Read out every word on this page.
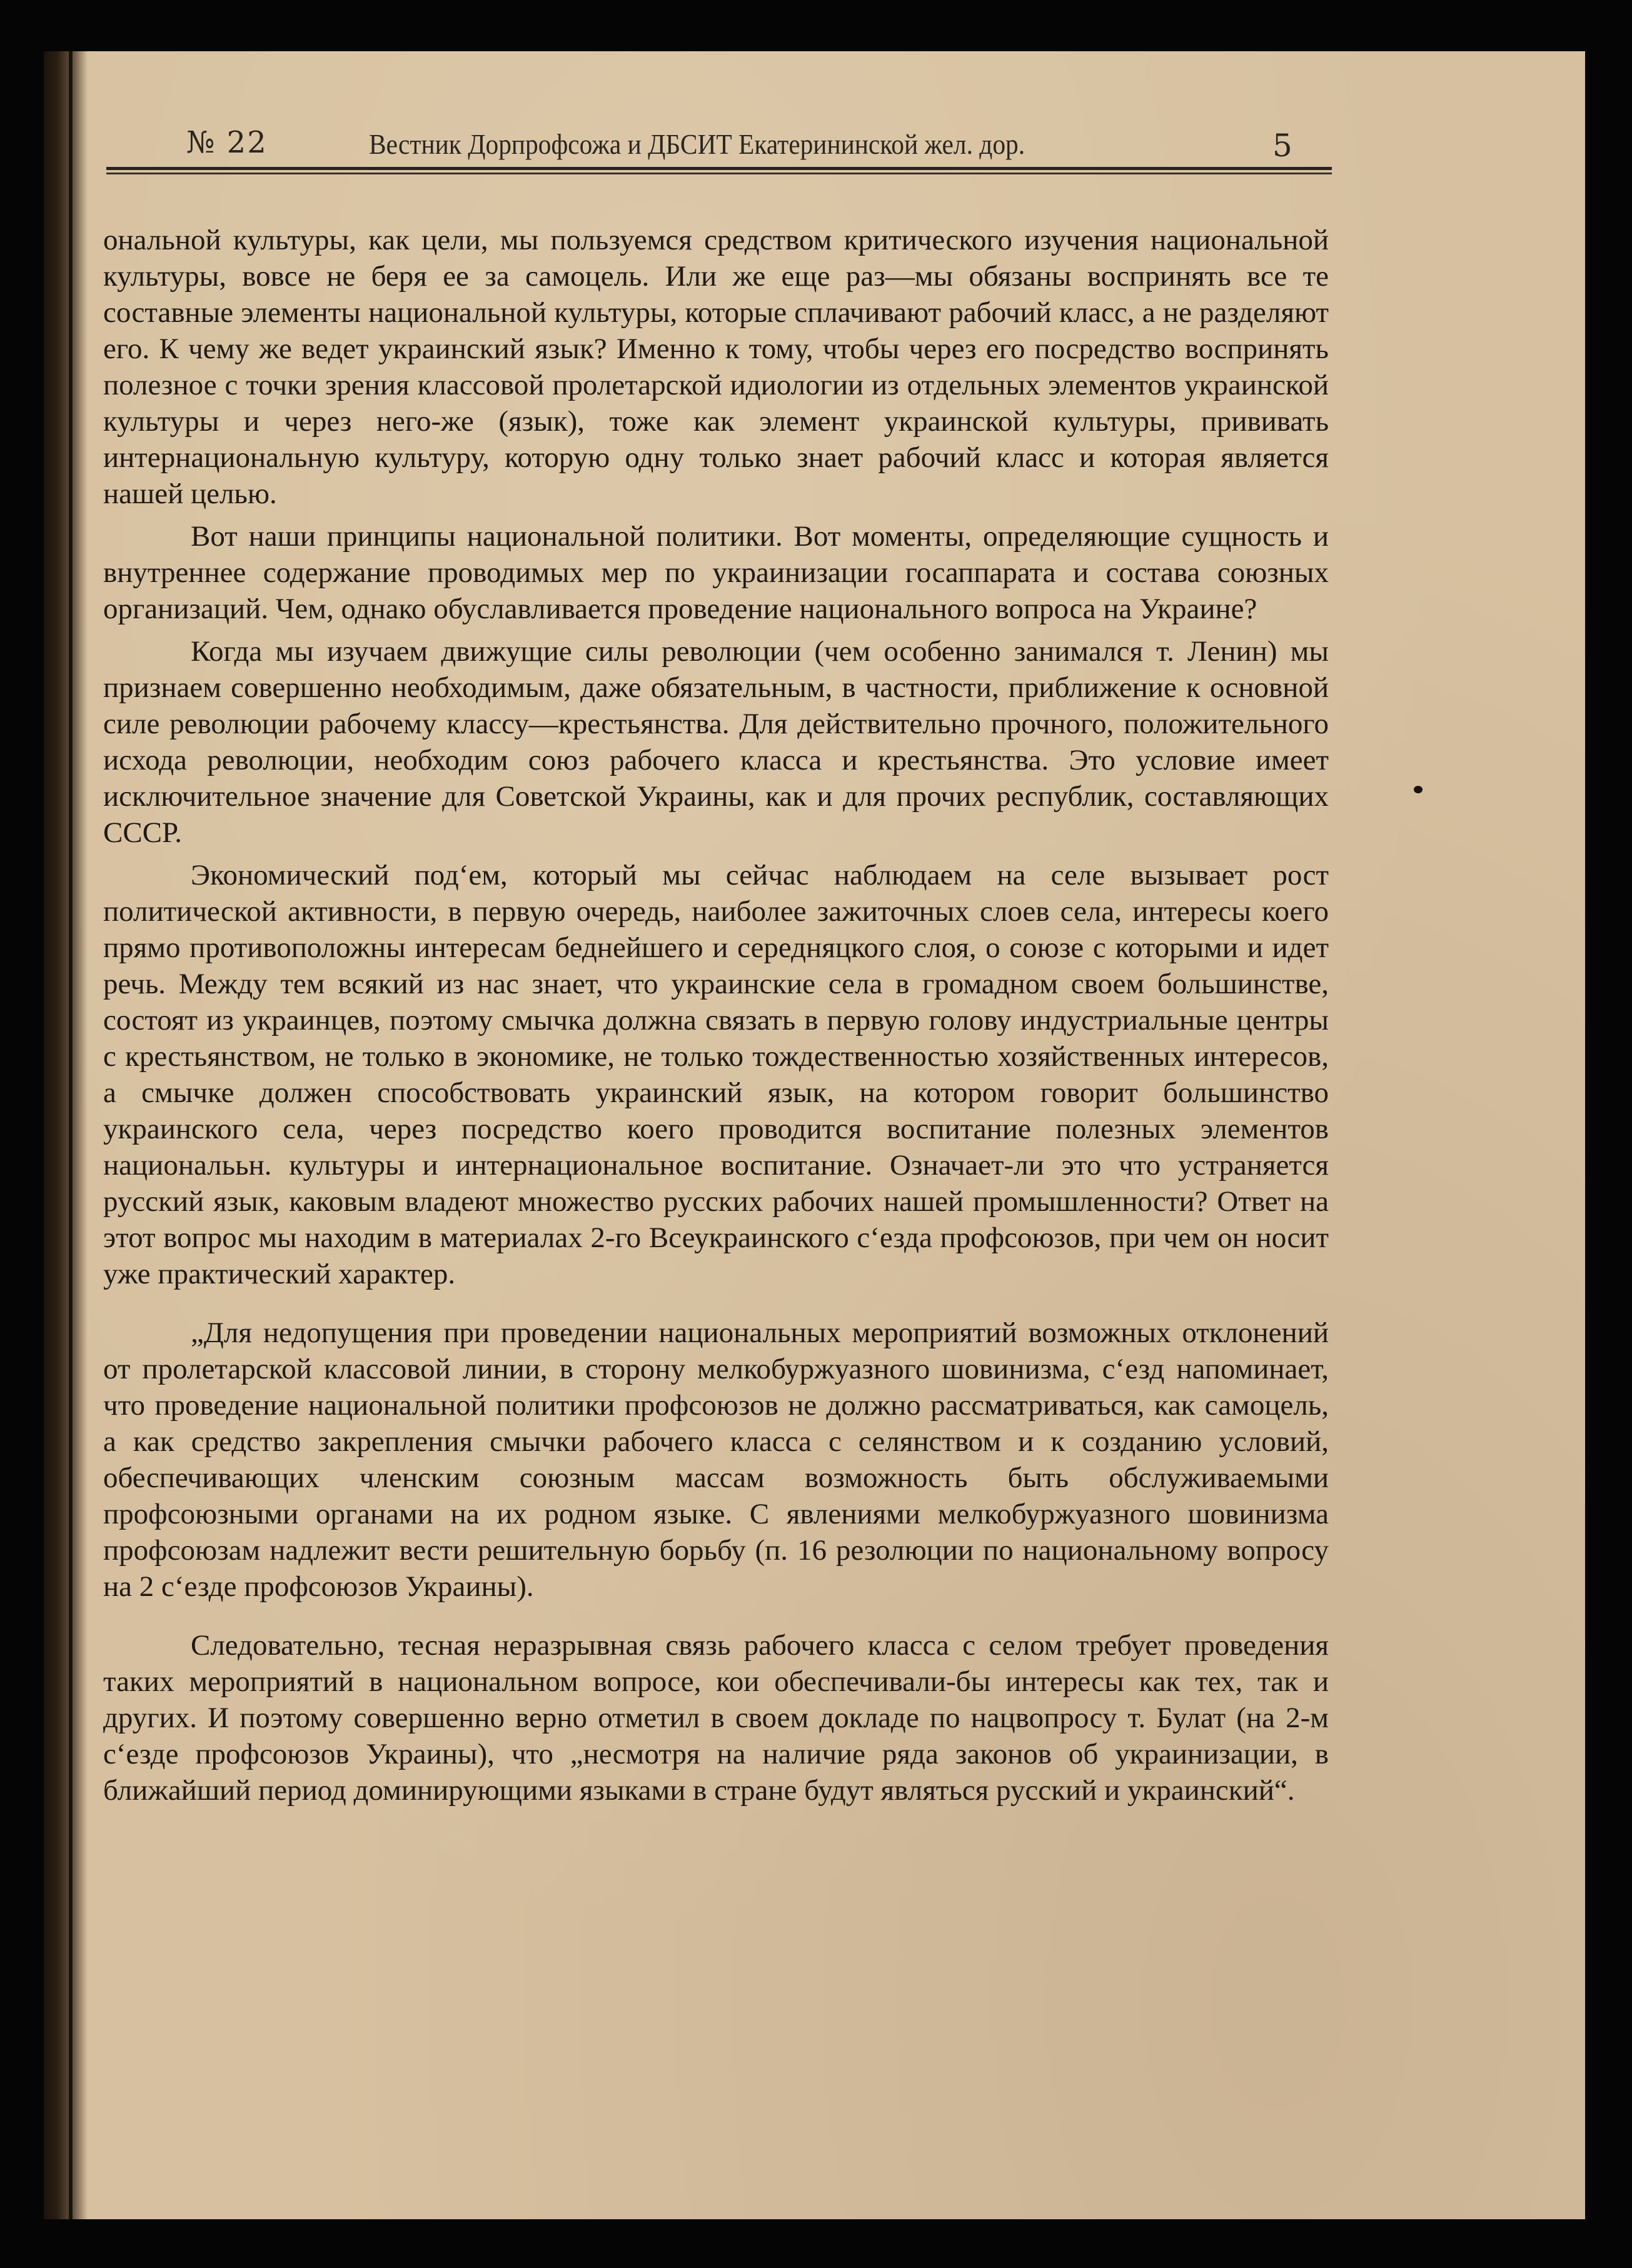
№ 22	Вестник Дорпрофсожа и ДБСИТ Екатерининской жел. дор.	5

ональной культуры, как цели, мы пользуемся средством критического изучения национальной культуры, вовсе не беря ее за самоцель. Или же еще раз—мы обязаны воспринять все те составные элементы национальной культуры, которые сплачивают рабочий класс, а не разделяют его. К чему же ведет украинский язык? Именно к тому, чтобы через его посредство воспринять полезное с точки зрения классовой пролетарской идиологии из отдельных элементов украинской культуры и через него-же (язык), тоже как элемент украинской культуры, прививать интернациональную культуру, которую одну только знает рабочий класс и которая является нашей целью.

Вот наши принципы национальной политики. Вот моменты, определяющие сущность и внутреннее содержание проводимых мер по украинизации госаппарата и состава союзных организаций. Чем, однако обуславливается проведение национального вопроса на Украине?

Когда мы изучаем движущие силы революции (чем особенно занимался т. Ленин) мы признаем совершенно необходимым, даже обязательным, в частности, приближение к основной силе революции рабочему классу—крестьянства. Для действительно прочного, положительного исхода революции, необходим союз рабочего класса и крестьянства. Это условие имеет исключительное значение для Советской Украины, как и для прочих республик, составляющих СССР.

Экономический под‘ем, который мы сейчас наблюдаем на селе вызывает рост политической активности, в первую очередь, наиболее зажиточных слоев села, интересы коего прямо противоположны интересам беднейшего и середняцкого слоя, о союзе с которыми и идет речь. Между тем всякий из нас знает, что украинские села в громадном своем большинстве, состоят из украинцев, поэтому смычка должна связать в первую голову индустриальные центры с крестьянством, не только в экономике, не только тождественностью хозяйственных интересов, а смычке должен способствовать украинский язык, на котором говорит большинство украинского села, через посредство коего проводится воспитание полезных элементов националььн. культуры и интернациональное воспитание. Означает-ли это что устраняется русский язык, каковым владеют множество русских рабочих нашей промышленности? Ответ на этот вопрос мы находим в материалах 2-го Всеукраинского с‘езда профсоюзов, при чем он носит уже практический характер.

„Для недопущения при проведении национальных мероприятий возможных отклонений от пролетарской классовой линии, в сторону мелкобуржуазного шовинизма, с‘езд напоминает, что проведение национальной политики профсоюзов не должно рассматриваться, как самоцель, а как средство закрепления смычки рабочего класса с селянством и к созданию условий, обеспечивающих членским союзным массам возможность быть обслуживаемыми профсоюзными органами на их родном языке. С явлениями мелкобуржуазного шовинизма профсоюзам надлежит вести решительную борьбу (п. 16 резолюции по национальному вопросу на 2 с‘езде профсоюзов Украины).

Следовательно, тесная неразрывная связь рабочего класса с селом требует проведения таких мероприятий в национальном вопросе, кои обеспечивали-бы интересы как тех, так и других. И поэтому совершенно верно отметил в своем докладе по нацвопросу т. Булат (на 2-м с‘езде профсоюзов Украины), что „несмотря на наличие ряда законов об украинизации, в ближайший период доминирующими языками в стране будут являться русский и украинский“.
